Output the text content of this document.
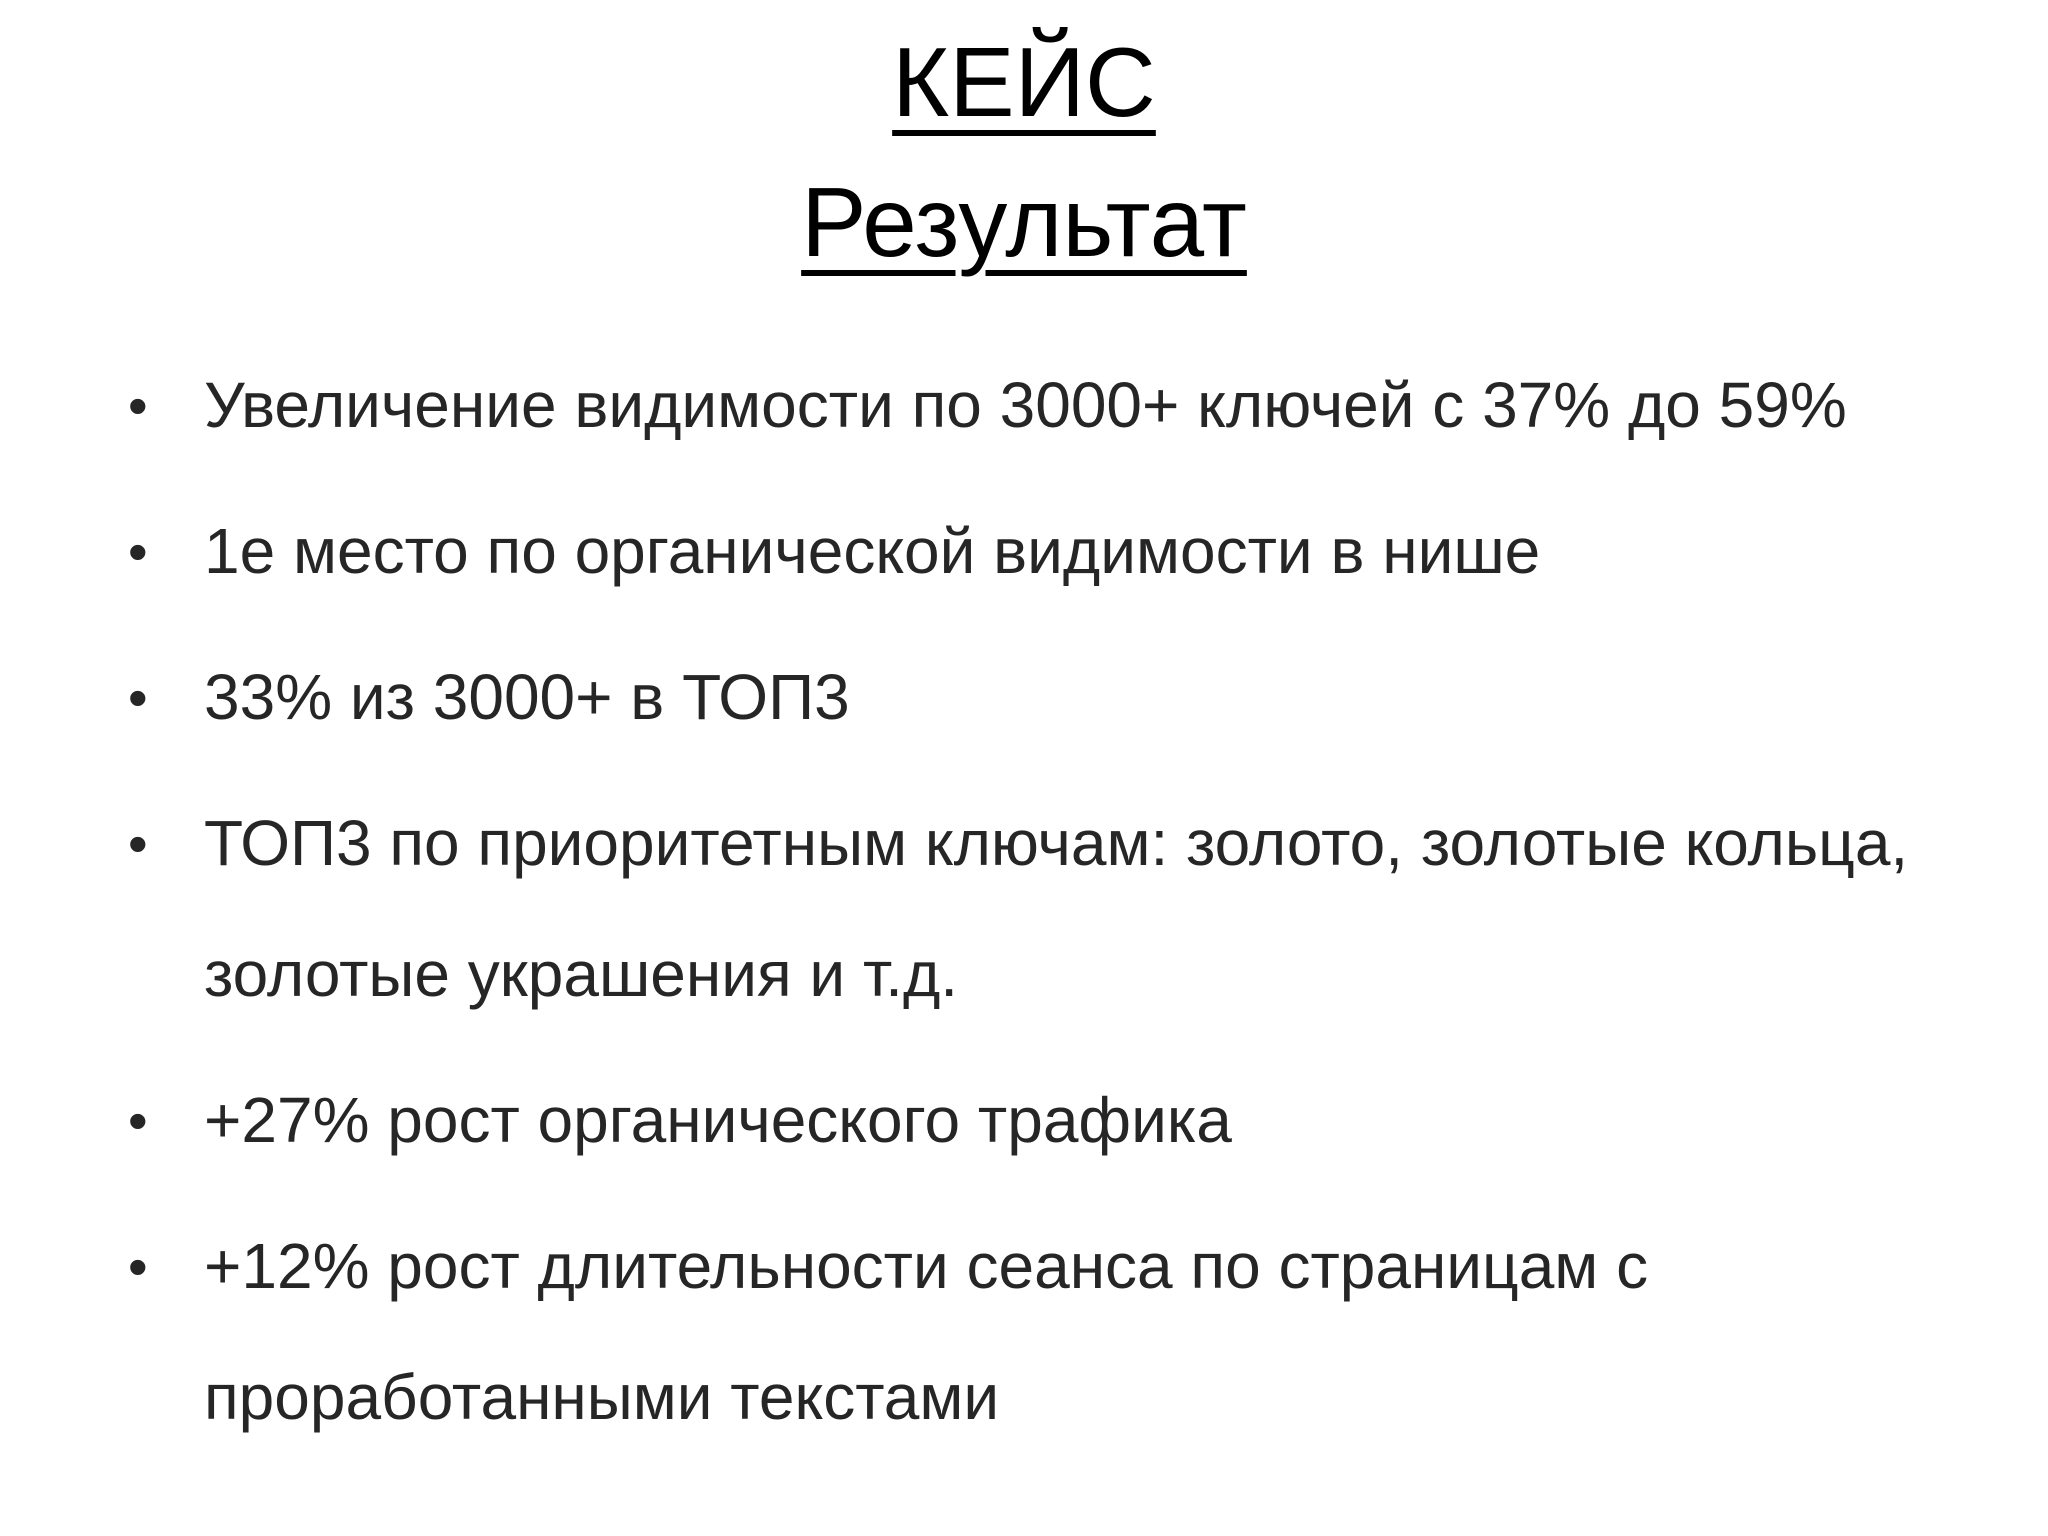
КЕЙС
Результат
• Увеличение видимости по 3000+ ключей с 37% до 59%
• 1е место по органической видимости в нише
• 33% из 3000+ в ТОП3
• ТОП3 по приоритетным ключам: золото, золотые кольца, золотые украшения и т.д.
• +27% рост органического трафика
• +12% рост длительности сеанса по страницам с проработанными текстами
